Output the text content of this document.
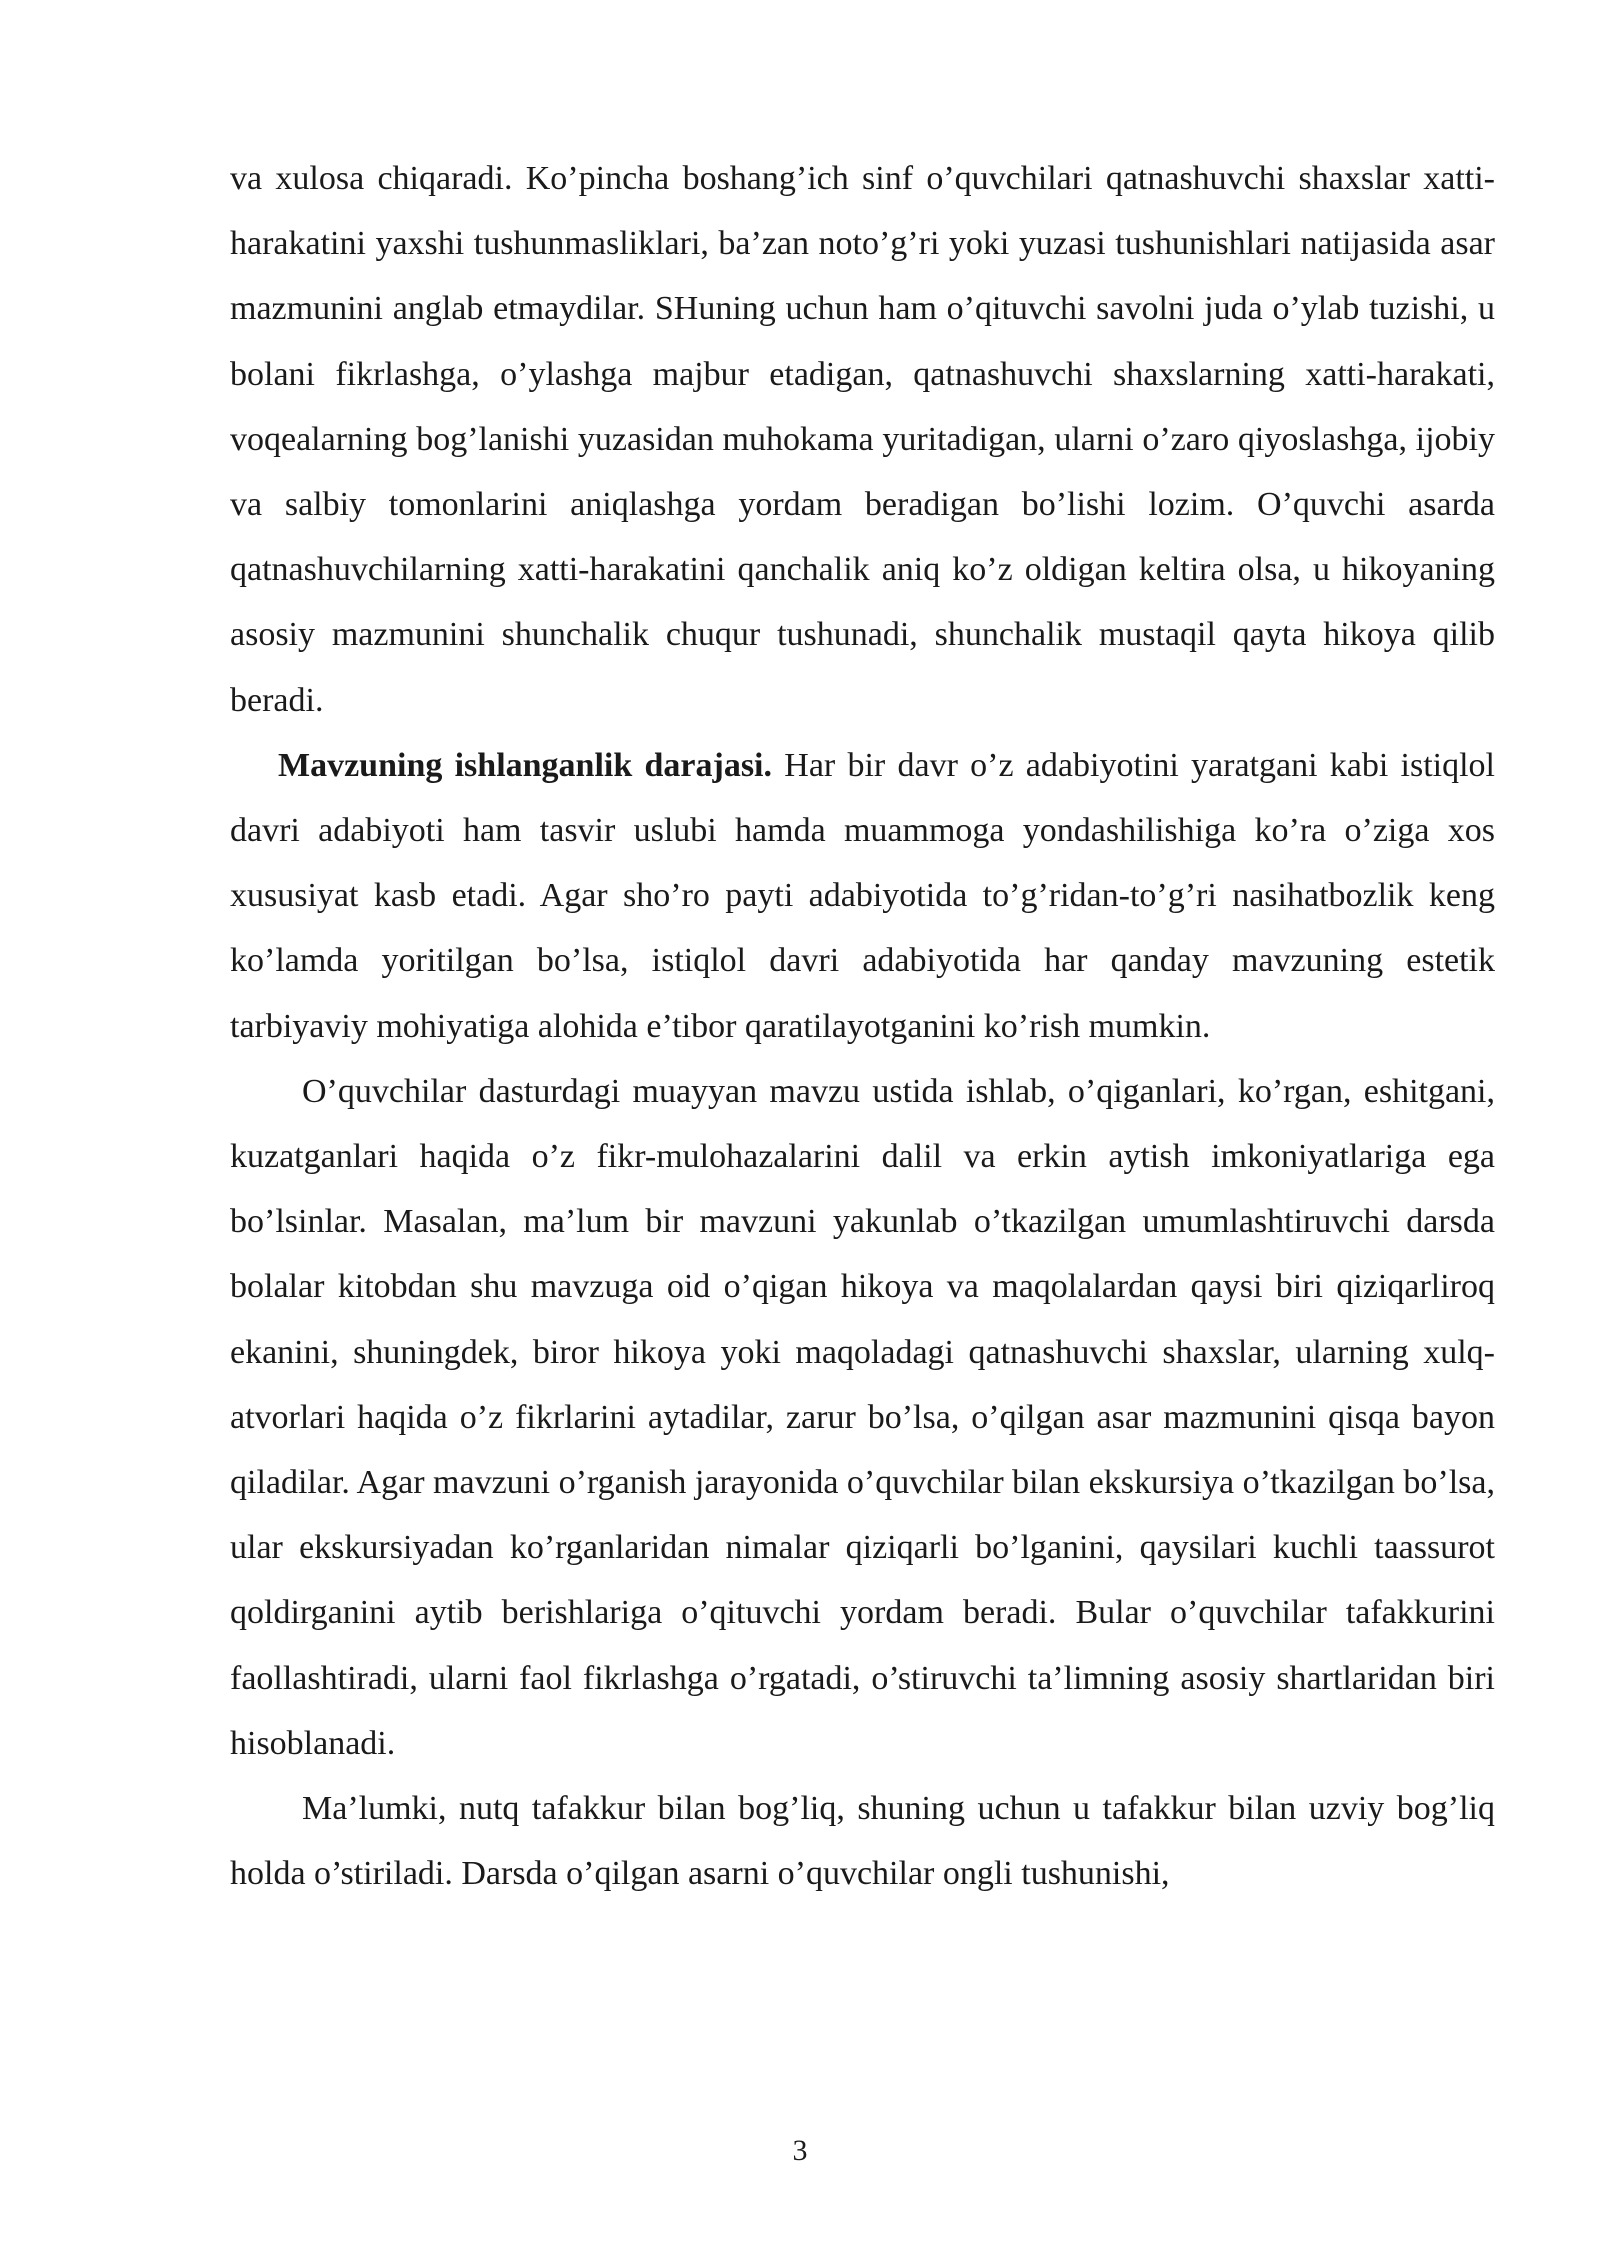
va xulosa chiqaradi. Ko’pincha boshang’ich sinf o’quvchilari qatnashuvchi shaxslar xatti-harakatini yaxshi tushunmasliklari, ba’zan noto’g’ri yoki yuzasi tushunishlari natijasida asar mazmunini anglab etmaydilar. SHuning uchun ham o’qituvchi savolni juda o’ylab tuzishi, u bolani fikrlashga, o’ylashga majbur etadigan, qatnashuvchi shaxslarning xatti-harakati, voqealarning bog’lanishi yuzasidan muhokama yuritadigan, ularni o’zaro qiyoslashga, ijobiy va salbiy tomonlarini aniqlashga yordam beradigan bo’lishi lozim. O’quvchi asarda qatnashuvchilarning xatti-harakatini qanchalik aniq ko’z oldigan keltira olsa, u hikoyaning asosiy mazmunini shunchalik chuqur tushunadi, shunchalik mustaqil qayta hikoya qilib beradi.

Mavzuning ishlanganlik darajasi. Har bir davr o’z adabiyotini yaratgani kabi istiqlol davri adabiyoti ham tasvir uslubi hamda muammoga yondashilishiga ko’ra o’ziga xos xususiyat kasb etadi. Agar sho’ro payti adabiyotida to’g’ridan-to’g’ri nasihatbozlik keng ko’lamda yoritilgan bo’lsa, istiqlol davri adabiyotida har qanday mavzuning estetik tarbiyaviy mohiyatiga alohida e’tibor qaratilayotganini ko’rish mumkin.

O’quvchilar dasturdagi muayyan mavzu ustida ishlab, o’qiganlari, ko’rgan, eshitgani, kuzatganlari haqida o’z fikr-mulohazalarini dalil va erkin aytish imkoniyatlariga ega bo’lsinlar. Masalan, ma’lum bir mavzuni yakunlab o’tkazilgan umumlashtiruvchi darsda bolalar kitobdan shu mavzuga oid o’qigan hikoya va maqolalardan qaysi biri qiziqarliroq ekanini, shuningdek, biror hikoya yoki maqoladagi qatnashuvchi shaxslar, ularning xulq-atvorlari haqida o’z fikrlarini aytadilar, zarur bo’lsa, o’qilgan asar mazmunini qisqa bayon qiladilar. Agar mavzuni o’rganish jarayonida o’quvchilar bilan ekskursiya o’tkazilgan bo’lsa, ular ekskursiyadan ko’rganlaridan nimalar qiziqarli bo’lganini, qaysilari kuchli taassurot qoldirganini aytib berishlariga o’qituvchi yordam beradi. Bular o’quvchilar tafakkurini faollashtiradi, ularni faol fikrlashga o’rgatadi, o’stiruvchi ta’limning asosiy shartlaridan biri hisoblanadi.

Ma’lumki, nutq tafakkur bilan bog’liq, shuning uchun u tafakkur bilan uzviy bog’liq holda o’stiriladi. Darsda o’qilgan asarni o’quvchilar ongli tushunishi,

3
